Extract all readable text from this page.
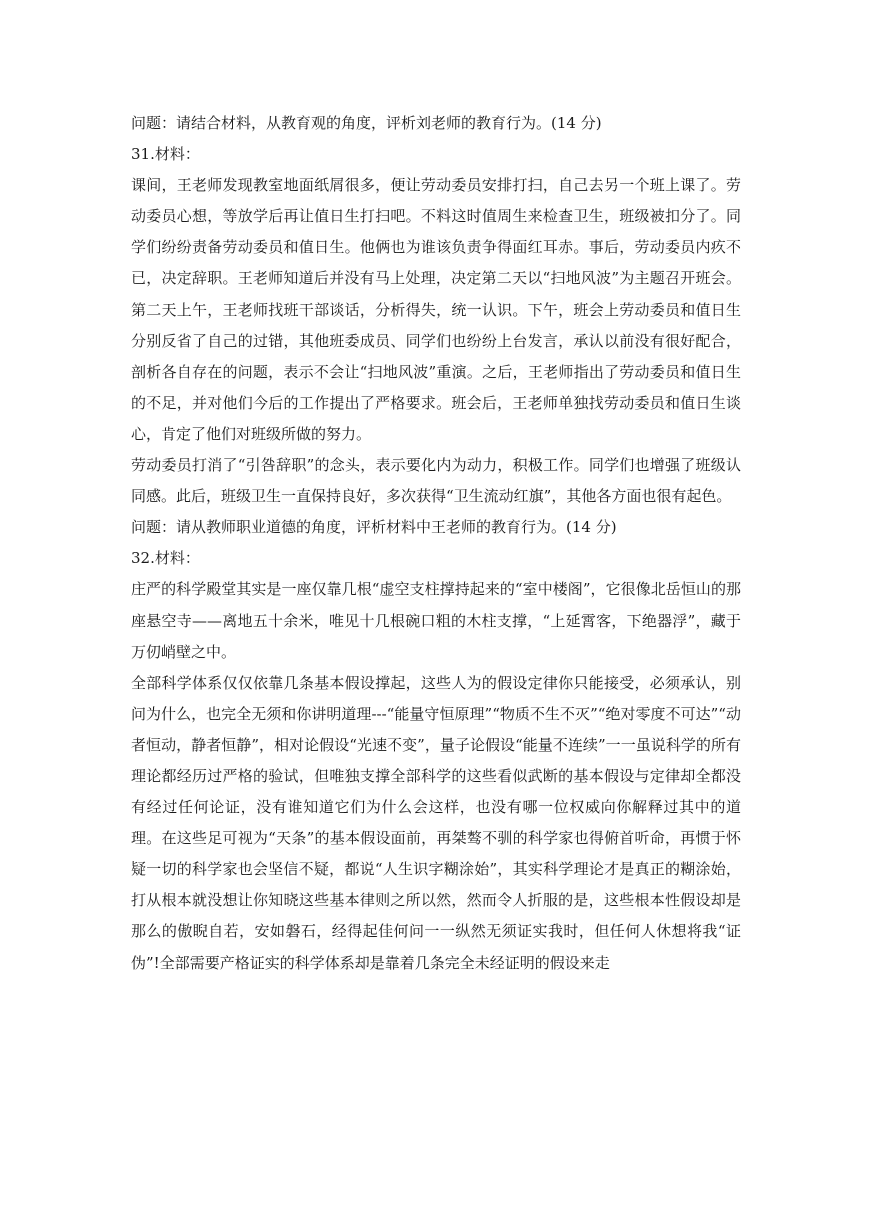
问题：请结合材料，从教育观的角度，评析刘老师的教育行为。(14 分)

31.材料：

课间，王老师发现教室地面纸屑很多，便让劳动委员安排打扫，自己去另一个班上课了。劳动委员心想，等放学后再让值日生打扫吧。不料这时值周生来检查卫生，班级被扣分了。同学们纷纷责备劳动委员和值日生。他俩也为谁该负责争得面红耳赤。事后，劳动委员内疚不已，决定辞职。王老师知道后并没有马上处理，决定第二天以“扫地风波”为主题召开班会。第二天上午，王老师找班干部谈话，分析得失，统一认识。下午，班会上劳动委员和值日生分别反省了自己的过错，其他班委成员、同学们也纷纷上台发言，承认以前没有很好配合，剖析各自存在的问题，表示不会让“扫地风波”重演。之后，王老师指出了劳动委员和值日生的不足，并对他们今后的工作提出了严格要求。班会后，王老师单独找劳动委员和值日生谈心，肯定了他们对班级所做的努力。

劳动委员打消了“引咎辞职”的念头，表示要化内为动力，积极工作。同学们也增强了班级认同感。此后，班级卫生一直保持良好，多次获得“卫生流动红旗”，其他各方面也很有起色。

问题：请从教师职业道德的角度，评析材料中王老师的教育行为。(14 分)

32.材料：

庄严的科学殿堂其实是一座仅靠几根“虚空支柱撑持起来的“室中楼阁”，它很像北岳恒山的那座悬空寺——离地五十余米，唯见十几根碗口粗的木柱支撑，“上延霄客，下绝器浮”，藏于万仞峭壁之中。

全部科学体系仅仅依靠几条基本假设撑起，这些人为的假设定律你只能接受，必须承认，别问为什么，也完全无须和你讲明道理---“能量守恒原理”“物质不生不灭”“绝对零度不可达”“动者恒动，静者恒静”，相对论假设“光速不变”，量子论假设“能量不连续”一一虽说科学的所有理论都经历过严格的验试，但唯独支撑全部科学的这些看似武断的基本假设与定律却全都没有经过任何论证，没有谁知道它们为什么会这样，也没有哪一位权威向你解释过其中的道理。在这些足可视为“天条”的基本假设面前，再桀骜不驯的科学家也得俯首听命，再惯于怀疑一切的科学家也会坚信不疑，都说“人生识字糊涂始”，其实科学理论才是真正的糊涂始，打从根本就没想让你知晓这些基本律则之所以然，然而令人折服的是，这些根本性假设却是那么的傲睨自若，安如磐石，经得起佳何问一一纵然无须证实我时，但任何人休想将我“证伪”!全部需要产格证实的科学体系却是靠着几条完全未经证明的假设来走
